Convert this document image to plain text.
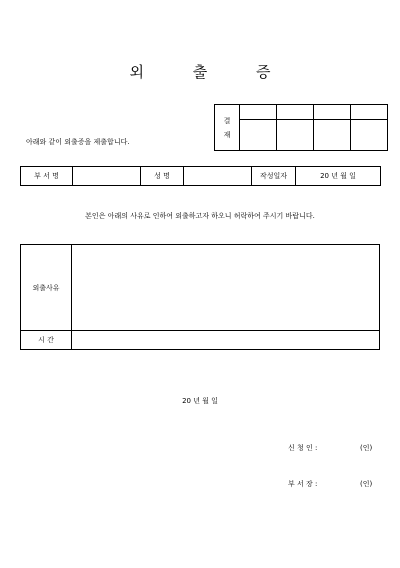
외 출 증
아래와 같이 외출증을 제출합니다.
결
재				

부 서 명		성 명		작성일자	20 년 월 일
본인은 아래의 사유로 인하여 외출하고자 하오니 허락하여 주시기 바랍니다.
외출사유	
시 간	
20 년 월 일
신 청 인 :	(인)
부 서 장 :	(인)
